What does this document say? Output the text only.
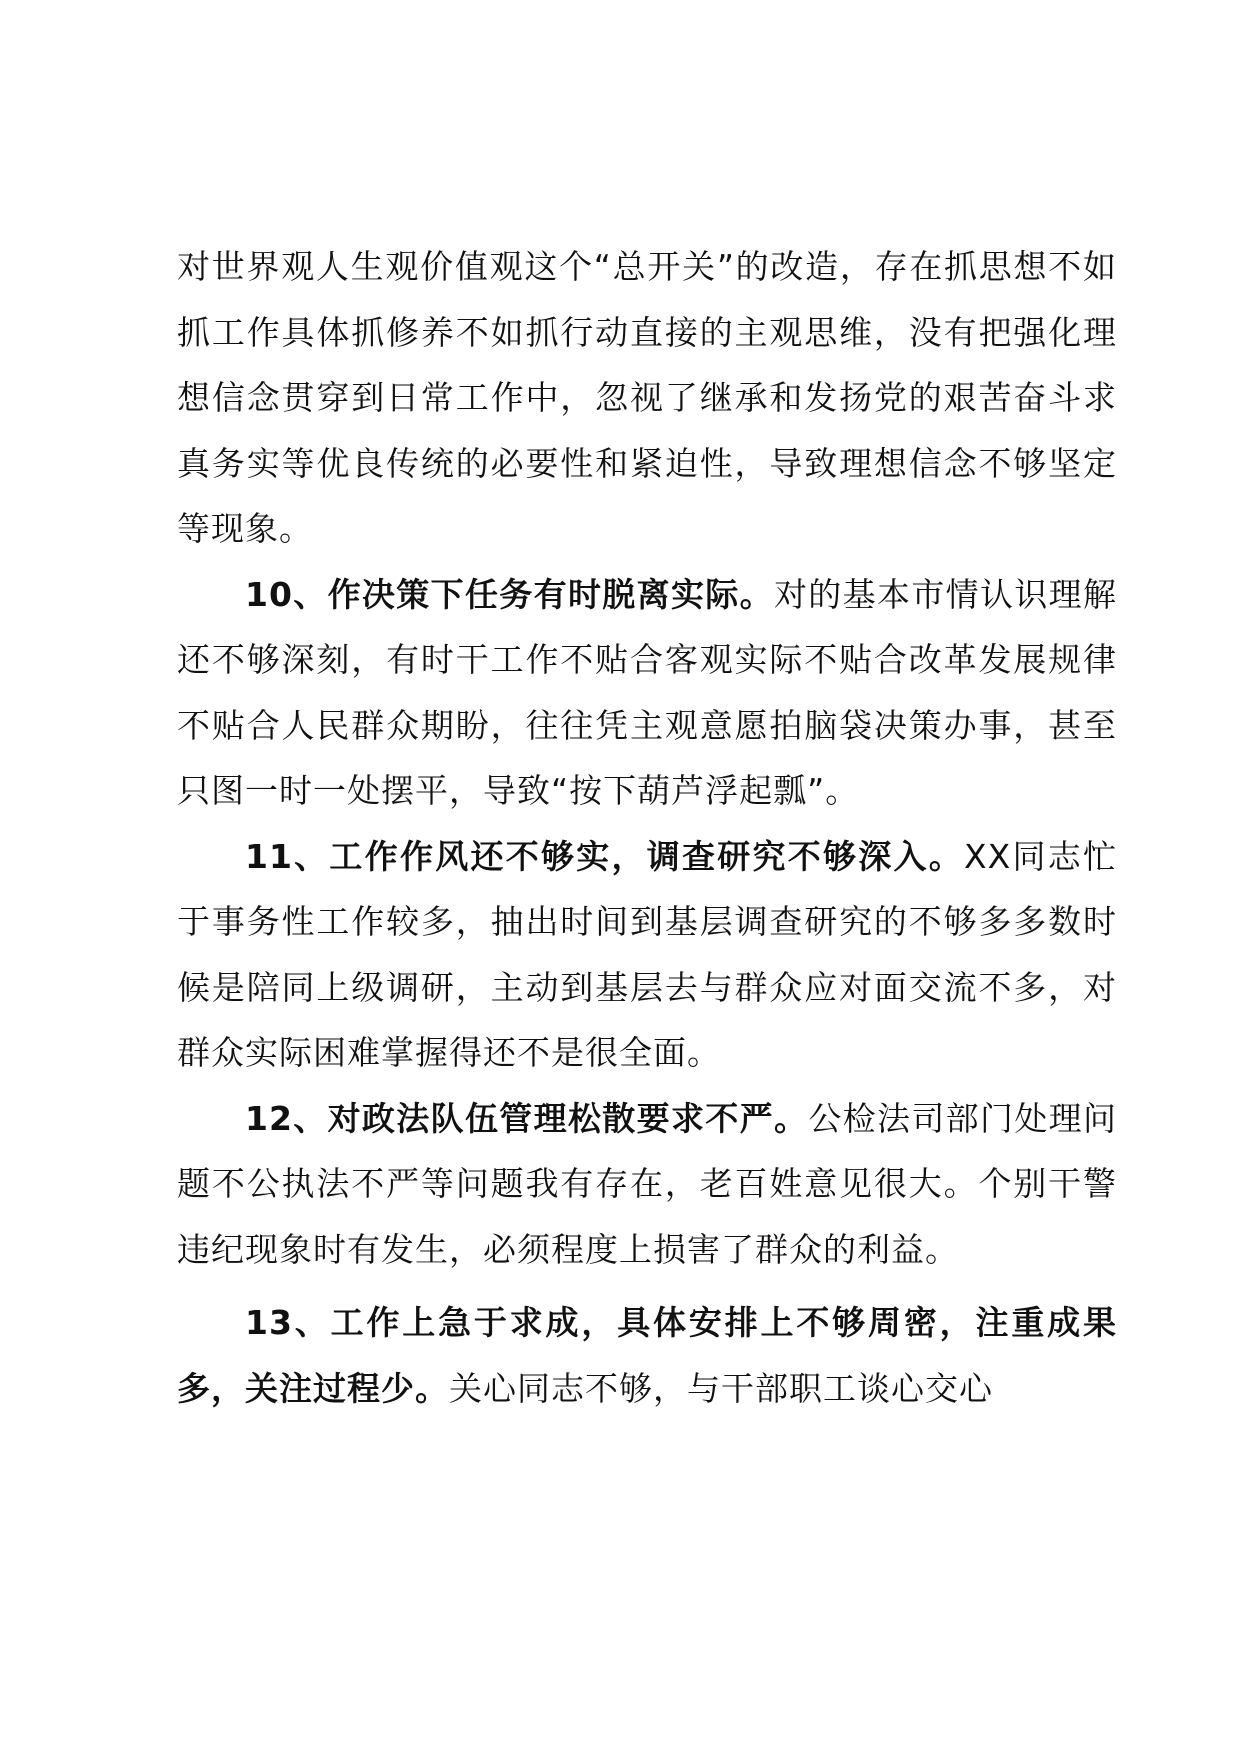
对世界观人生观价值观这个“总开关”的改造，存在抓思想不如抓工作具体抓修养不如抓行动直接的主观思维，没有把强化理想信念贯穿到日常工作中，忽视了继承和发扬党的艰苦奋斗求真务实等优良传统的必要性和紧迫性，导致理想信念不够坚定等现象。

10、作决策下任务有时脱离实际。对的基本市情认识理解还不够深刻，有时干工作不贴合客观实际不贴合改革发展规律不贴合人民群众期盼，往往凭主观意愿拍脑袋决策办事，甚至只图一时一处摆平，导致“按下葫芦浮起瓢”。

11、工作作风还不够实，调查研究不够深入。XX同志忙于事务性工作较多，抽出时间到基层调查研究的不够多多数时候是陪同上级调研，主动到基层去与群众应对面交流不多，对群众实际困难掌握得还不是很全面。

12、对政法队伍管理松散要求不严。公检法司部门处理问题不公执法不严等问题我有存在，老百姓意见很大。个别干警违纪现象时有发生，必须程度上损害了群众的利益。

13、工作上急于求成，具体安排上不够周密，注重成果多，关注过程少。关心同志不够，与干部职工谈心交心
